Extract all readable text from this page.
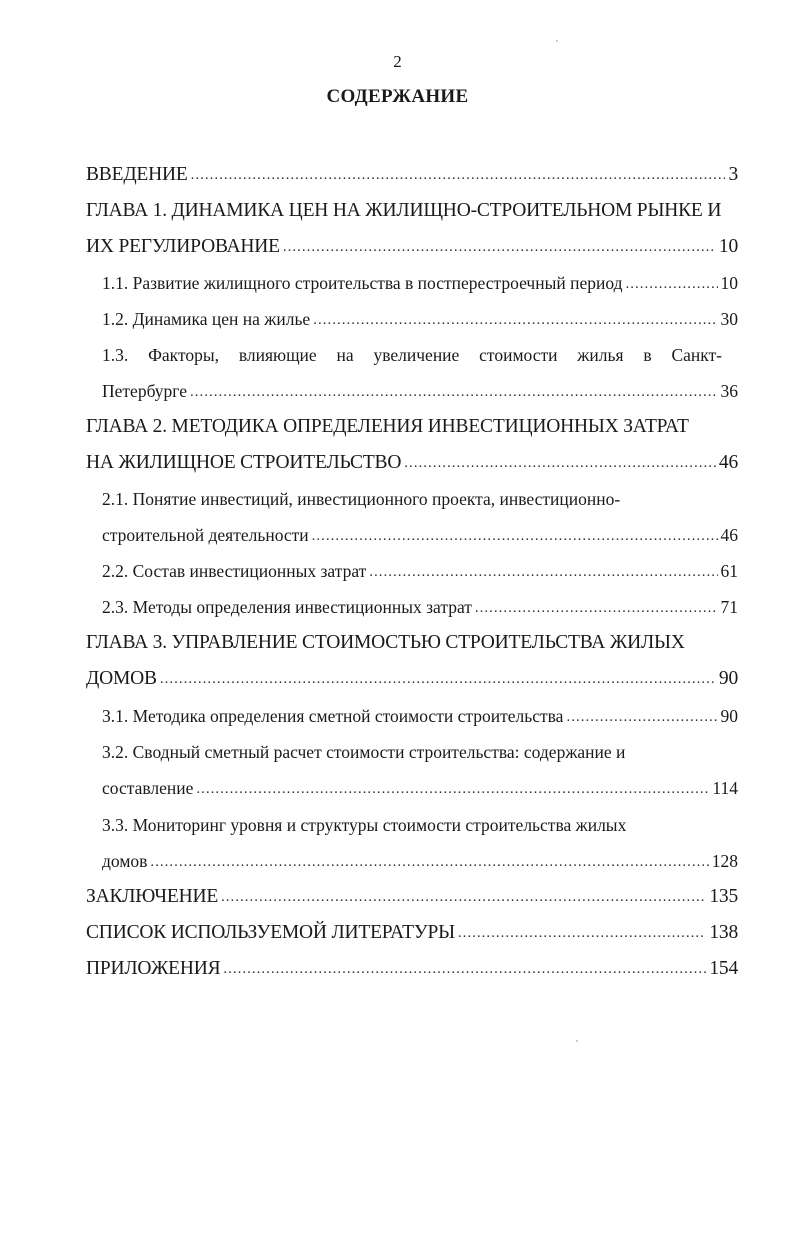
2
СОДЕРЖАНИЕ
ВВЕДЕНИЕ .....	3
ГЛАВА 1. ДИНАМИКА ЦЕН НА ЖИЛИЩНО-СТРОИТЕЛЬНОМ РЫНКЕ И
ИХ РЕГУЛИРОВАНИЕ .....	10
1.1. Развитие жилищного строительства в постперестроечный период .....	10
1.2. Динамика цен на жилье .....	30
1.3. Факторы, влияющие на увеличение стоимости жилья в Санкт-
Петербурге .....	36
ГЛАВА 2. МЕТОДИКА ОПРЕДЕЛЕНИЯ ИНВЕСТИЦИОННЫХ ЗАТРАТ
НА ЖИЛИЩНОЕ СТРОИТЕЛЬСТВО .....	46
2.1. Понятие инвестиций, инвестиционного проекта, инвестиционно-
строительной деятельности .....	46
2.2. Состав инвестиционных затрат .....	61
2.3. Методы определения инвестиционных затрат .....	71
ГЛАВА 3. УПРАВЛЕНИЕ СТОИМОСТЬЮ СТРОИТЕЛЬСТВА ЖИЛЫХ
ДОМОВ .....	90
3.1. Методика определения сметной стоимости строительства .....	90
3.2. Сводный сметный расчет стоимости строительства: содержание и
составление .....	114
3.3. Мониторинг уровня и структуры стоимости строительства жилых
домов .....	128
ЗАКЛЮЧЕНИЕ .....	135
СПИСОК ИСПОЛЬЗУЕМОЙ ЛИТЕРАТУРЫ .....	138
ПРИЛОЖЕНИЯ .....	154
